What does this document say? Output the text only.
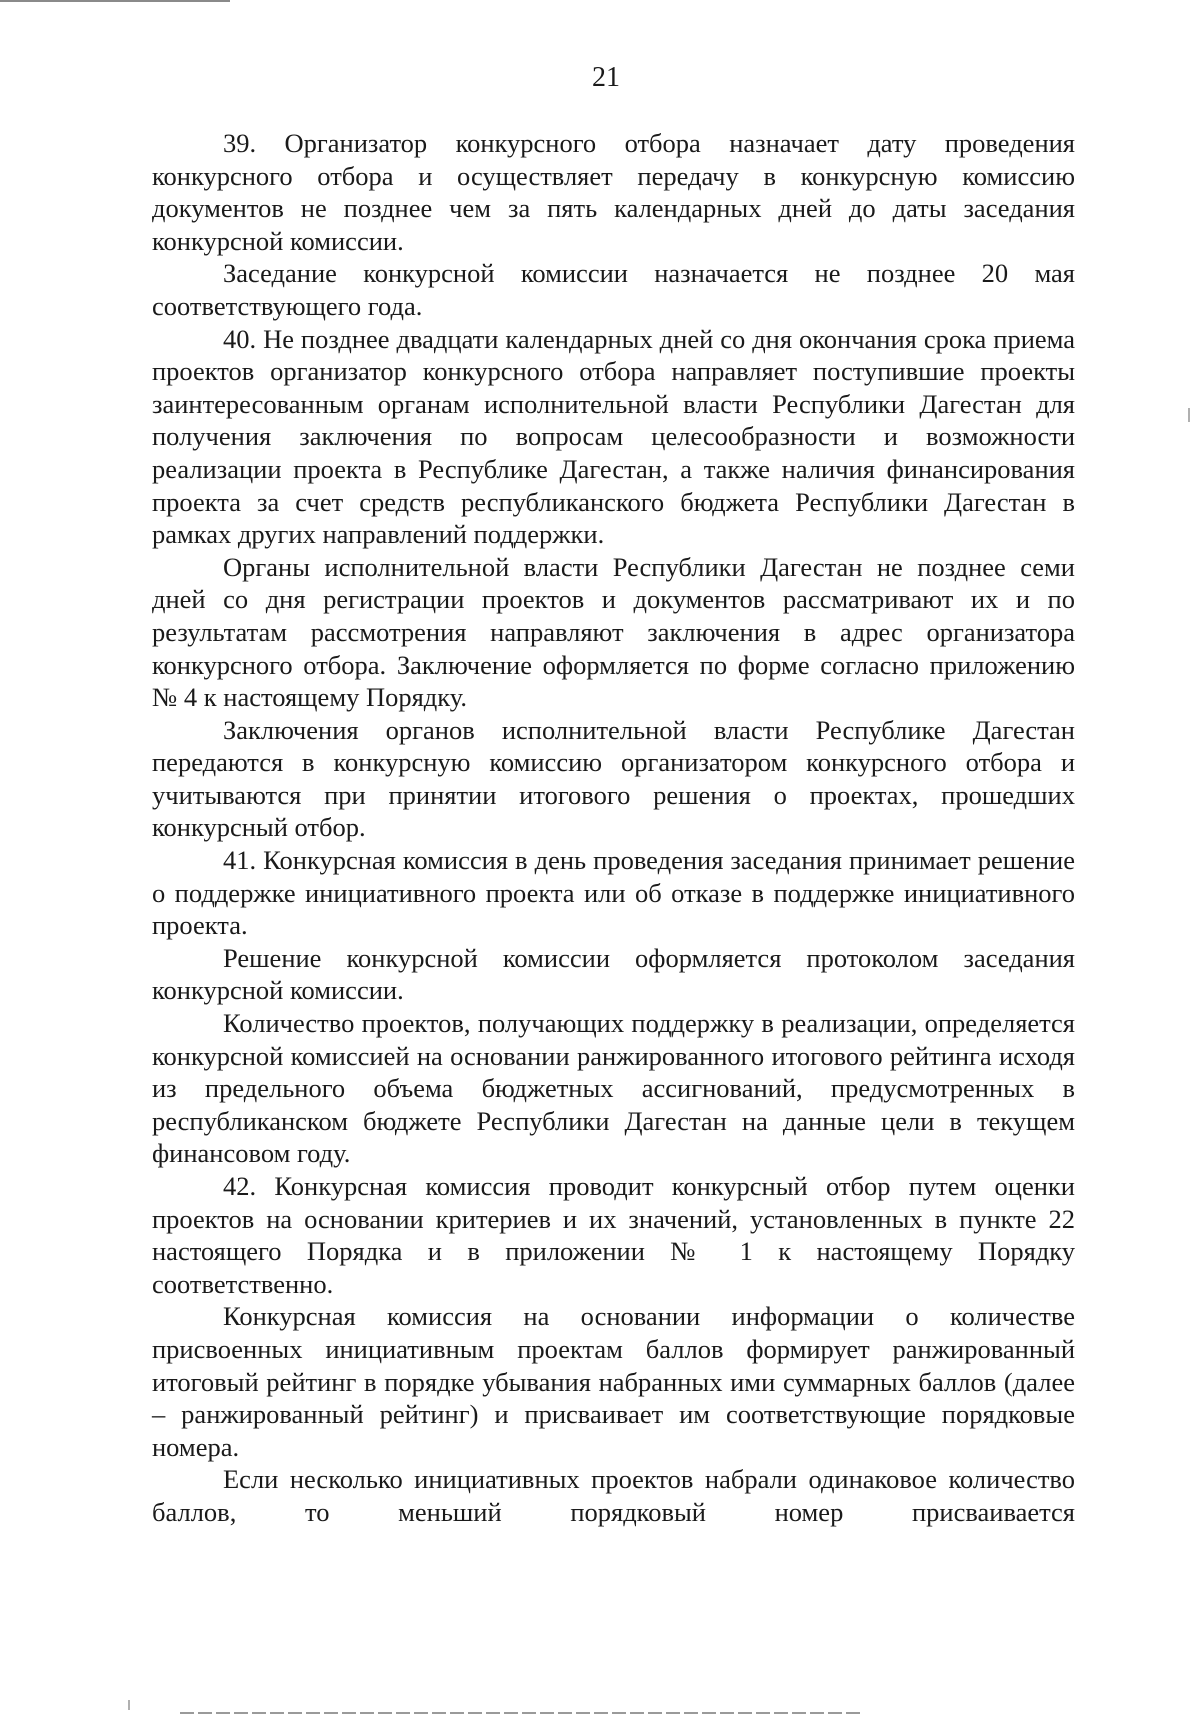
21

39. Организатор конкурсного отбора назначает дату проведения конкурсного отбора и осуществляет передачу в конкурсную комиссию документов не позднее чем за пять календарных дней до даты заседания конкурсной комиссии.

Заседание конкурсной комиссии назначается не позднее 20 мая соответствующего года.

40. Не позднее двадцати календарных дней со дня окончания срока приема проектов организатор конкурсного отбора направляет поступившие проекты заинтересованным органам исполнительной власти Республики Дагестан для получения заключения по вопросам целесообразности и возможности реализации проекта в Республике Дагестан, а также наличия финансирования проекта за счет средств республиканского бюджета Республики Дагестан в рамках других направлений поддержки.

Органы исполнительной власти Республики Дагестан не позднее семи дней со дня регистрации проектов и документов рассматривают их и по результатам рассмотрения направляют заключения в адрес организатора конкурсного отбора. Заключение оформляется по форме согласно приложению № 4 к настоящему Порядку.

Заключения органов исполнительной власти Республике Дагестан передаются в конкурсную комиссию организатором конкурсного отбора и учитываются при принятии итогового решения о проектах, прошедших конкурсный отбор.

41. Конкурсная комиссия в день проведения заседания принимает решение о поддержке инициативного проекта или об отказе в поддержке инициативного проекта.

Решение конкурсной комиссии оформляется протоколом заседания конкурсной комиссии.

Количество проектов, получающих поддержку в реализации, определяется конкурсной комиссией на основании ранжированного итогового рейтинга исходя из предельного объема бюджетных ассигнований, предусмотренных в республиканском бюджете Республики Дагестан на данные цели в текущем финансовом году.

42. Конкурсная комиссия проводит конкурсный отбор путем оценки проектов на основании критериев и их значений, установленных в пункте 22 настоящего Порядка и в приложении № 1 к настоящему Порядку соответственно.

Конкурсная комиссия на основании информации о количестве присвоенных инициативным проектам баллов формирует ранжированный итоговый рейтинг в порядке убывания набранных ими суммарных баллов (далее – ранжированный рейтинг) и присваивает им соответствующие порядковые номера.

Если несколько инициативных проектов набрали одинаковое количество баллов, то меньший порядковый номер присваивается
